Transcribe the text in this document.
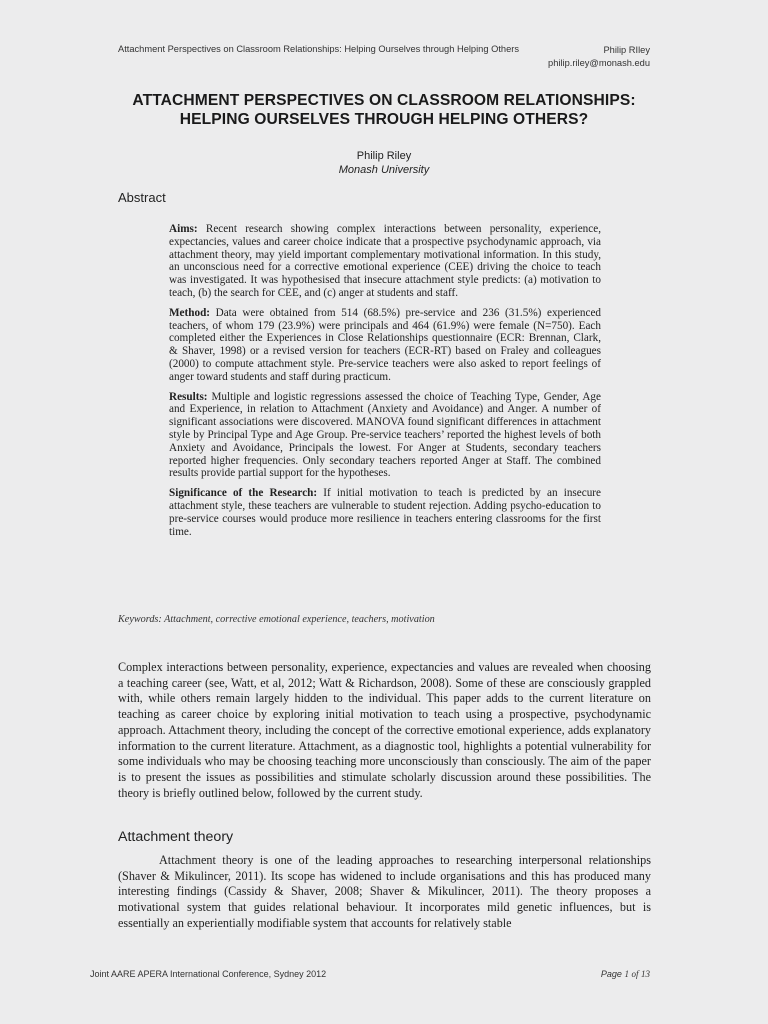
Attachment Perspectives on Classroom Relationships: Helping Ourselves through Helping Others	Philip RIley
philip.riley@monash.edu
ATTACHMENT PERSPECTIVES ON CLASSROOM RELATIONSHIPS:
HELPING OURSELVES THROUGH HELPING OTHERS?
Philip Riley
Monash University
Abstract

Aims: Recent research showing complex interactions between personality, experience, expectancies, values and career choice indicate that a prospective psychodynamic approach, via attachment theory, may yield important complementary motivational information. In this study, an unconscious need for a corrective emotional experience (CEE) driving the choice to teach was investigated. It was hypothesised that insecure attachment style predicts: (a) motivation to teach, (b) the search for CEE, and (c) anger at students and staff.

Method: Data were obtained from 514 (68.5%) pre-service and 236 (31.5%) experienced teachers, of whom 179 (23.9%) were principals and 464 (61.9%) were female (N=750). Each completed either the Experiences in Close Relationships questionnaire (ECR: Brennan, Clark, & Shaver, 1998) or a revised version for teachers (ECR-RT) based on Fraley and colleagues (2000) to compute attachment style. Pre-service teachers were also asked to report feelings of anger toward students and staff during practicum.

Results: Multiple and logistic regressions assessed the choice of Teaching Type, Gender, Age and Experience, in relation to Attachment (Anxiety and Avoidance) and Anger. A number of significant associations were discovered. MANOVA found significant differences in attachment style by Principal Type and Age Group. Pre-service teachers’ reported the highest levels of both Anxiety and Avoidance, Principals the lowest. For Anger at Students, secondary teachers reported higher frequencies. Only secondary teachers reported Anger at Staff. The combined results provide partial support for the hypotheses.

Significance of the Research: If initial motivation to teach is predicted by an insecure attachment style, these teachers are vulnerable to student rejection. Adding psycho-education to pre-service courses would produce more resilience in teachers entering classrooms for the first time.

Keywords: Attachment, corrective emotional experience, teachers, motivation

Complex interactions between personality, experience, expectancies and values are revealed when choosing a teaching career (see, Watt, et al, 2012; Watt & Richardson, 2008). Some of these are consciously grappled with, while others remain largely hidden to the individual. This paper adds to the current literature on teaching as career choice by exploring initial motivation to teach using a prospective, psychodynamic approach. Attachment theory, including the concept of the corrective emotional experience, adds explanatory information to the current literature. Attachment, as a diagnostic tool, highlights a potential vulnerability for some individuals who may be choosing teaching more unconsciously than consciously. The aim of the paper is to present the issues as possibilities and stimulate scholarly discussion around these possibilities. The theory is briefly outlined below, followed by the current study.

Attachment theory

Attachment theory is one of the leading approaches to researching interpersonal relationships (Shaver & Mikulincer, 2011). Its scope has widened to include organisations and this has produced many interesting findings (Cassidy & Shaver, 2008; Shaver & Mikulincer, 2011). The theory proposes a motivational system that guides relational behaviour. It incorporates mild genetic influences, but is essentially an experientially modifiable system that accounts for relatively stable

Joint AARE APERA International Conference, Sydney 2012	Page 1 of 13
